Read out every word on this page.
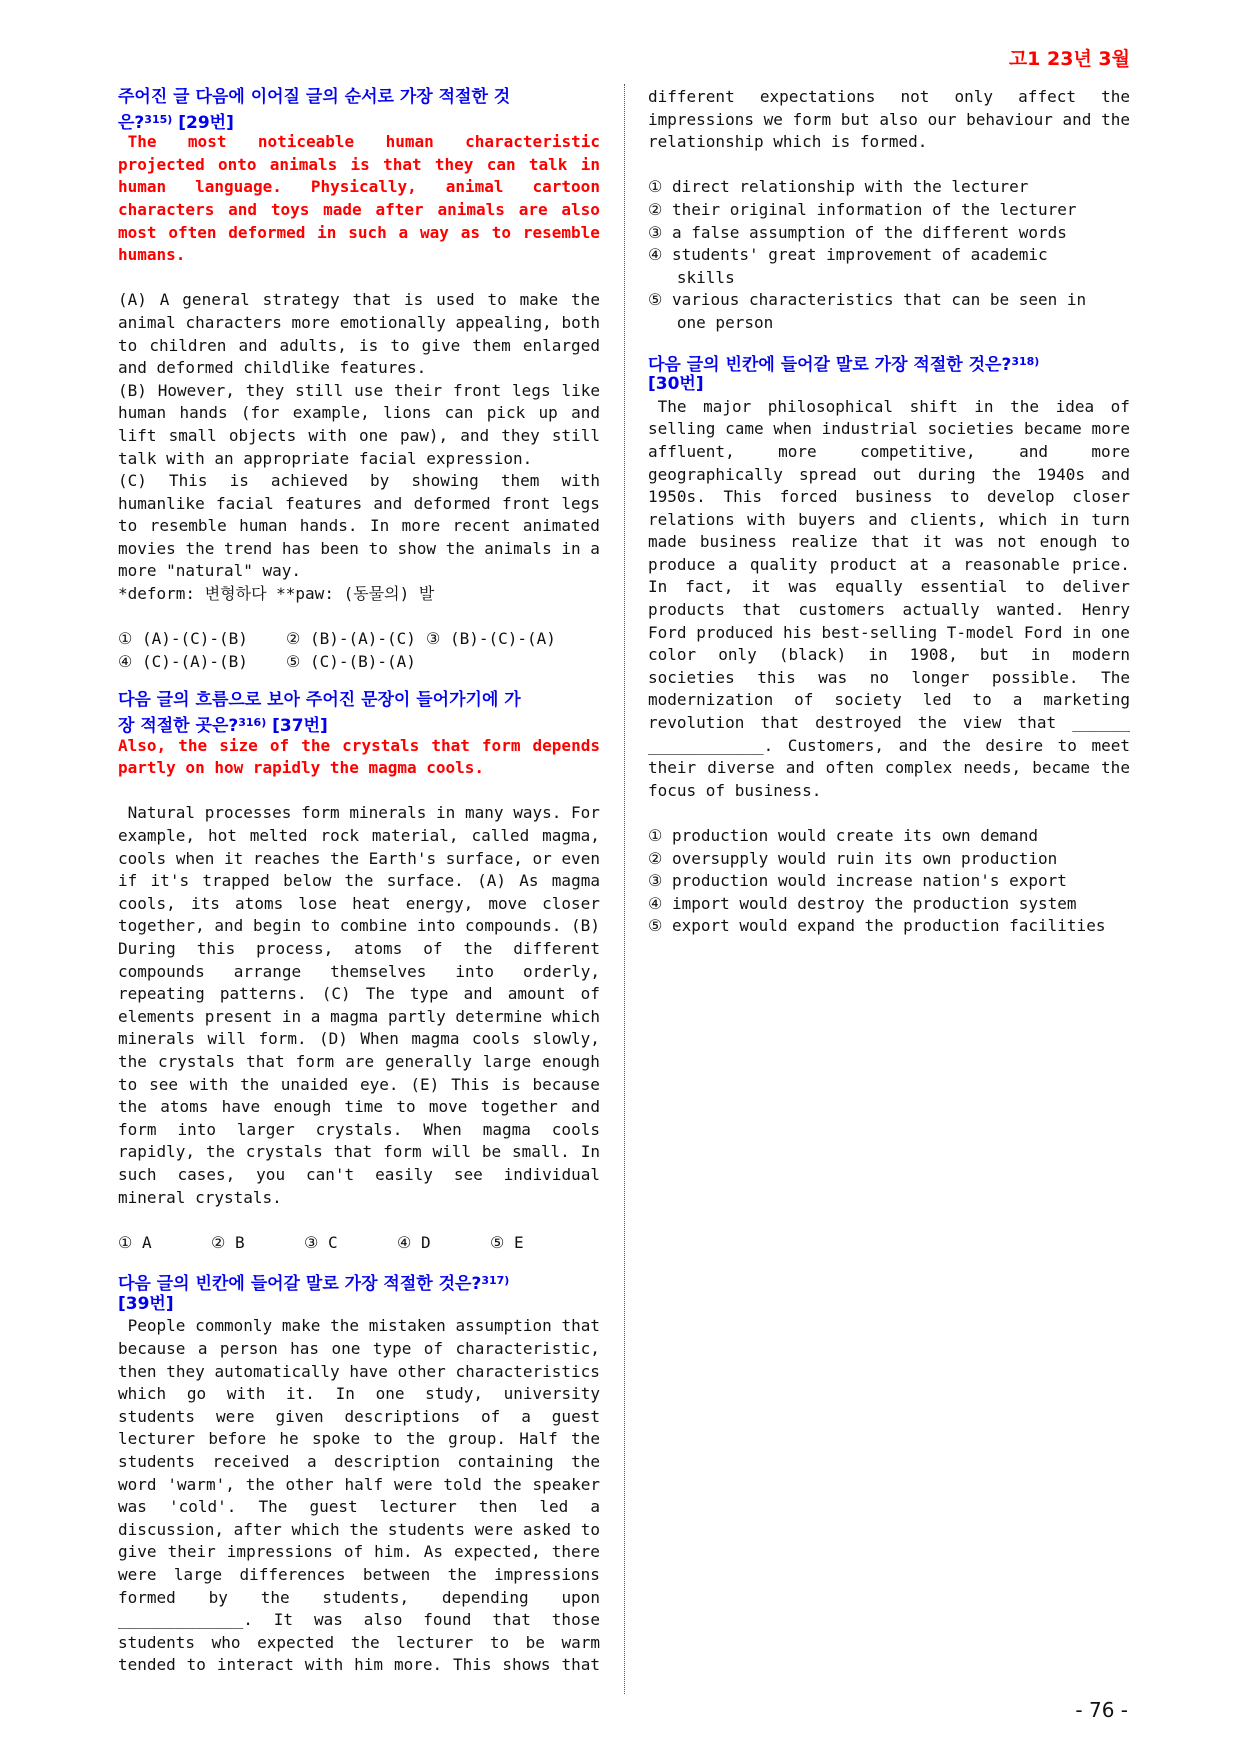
고1 23년 3월
주어진 글 다음에 이어질 글의 순서로 가장 적절한 것
은?$^{315)}$ [29번]
The most noticeable human characteristic
projected onto animals is that they can talk in
human language. Physically, animal cartoon
characters and toys made after animals are also
most often deformed in such a way as to resemble
humans.
(A) A general strategy that is used to make the
animal characters more emotionally appealing, both
to children and adults, is to give them enlarged
and deformed childlike features.
(B) However, they still use their front legs like
human hands (for example, lions can pick up and
lift small objects with one paw), and they still
talk with an appropriate facial expression.
(C) This is achieved by showing them with
humanlike facial features and deformed front legs
to resemble human hands. In more recent animated
movies the trend has been to show the animals in a
more "natural" way.
*deform: 변형하다 **paw: (동물의) 발
① (A)-(C)-(B)	② (B)-(A)-(C) ③ (B)-(C)-(A)
④ (C)-(A)-(B)	⑤ (C)-(B)-(A)
다음 글의 흐름으로 보아 주어진 문장이 들어가기에 가
장 적절한 곳은?$^{316)}$ [37번]
Also, the size of the crystals that form depends
partly on how rapidly the magma cools.
Natural processes form minerals in many ways. For
example, hot melted rock material, called magma,
cools when it reaches the Earth's surface, or even
if it's trapped below the surface. (A) As magma
cools, its atoms lose heat energy, move closer
together, and begin to combine into compounds. (B)
During this process, atoms of the different
compounds arrange themselves into orderly,
repeating patterns. (C) The type and amount of
elements present in a magma partly determine which
minerals will form. (D) When magma cools slowly,
the crystals that form are generally large enough
to see with the unaided eye. (E) This is because
the atoms have enough time to move together and
form into larger crystals. When magma cools
rapidly, the crystals that form will be small. In
such cases, you can't easily see individual
mineral crystals.
① A	② B	③ C	④ D	⑤ E
다음 글의 빈칸에 들어갈 말로 가장 적절한 것은?$^{317)}$
[39번]
People commonly make the mistaken assumption that
because a person has one type of characteristic,
then they automatically have other characteristics
which go with it. In one study, university
students were given descriptions of a guest
lecturer before he spoke to the group. Half the
students received a description containing the
word 'warm', the other half were told the speaker
was 'cold'. The guest lecturer then led a
discussion, after which the students were asked to
give their impressions of him. As expected, there
were large differences between the impressions
formed by the students, depending upon
_____________. It was also found that those
students who expected the lecturer to be warm
tended to interact with him more. This shows that
different expectations not only affect the
impressions we form but also our behaviour and the
relationship which is formed.
① direct relationship with the lecturer
② their original information of the lecturer
③ a false assumption of the different words
④ students' great improvement of academic
skills
⑤ various characteristics that can be seen in
one person
다음 글의 빈칸에 들어갈 말로 가장 적절한 것은?$^{318)}$
[30번]
The major philosophical shift in the idea of
selling came when industrial societies became more
affluent,	more	competitive,	and	more
geographically spread out during the 1940s and
1950s. This forced business to develop closer
relations with buyers and clients, which in turn
made business realize that it was not enough to
produce a quality product at a reasonable price.
In fact, it was equally essential to deliver
products that customers actually wanted. Henry
Ford produced his best-selling T-model Ford in one
color only (black) in 1908, but in modern
societies this was no longer possible. The
modernization of society led to a marketing
revolution that destroyed the view that ______
____________. Customers, and the desire to meet
their diverse and often complex needs, became the
focus of business.
① production would create its own demand
② oversupply would ruin its own production
③ production would increase nation's export
④ import would destroy the production system
⑤ export would expand the production facilities
- 76 -
